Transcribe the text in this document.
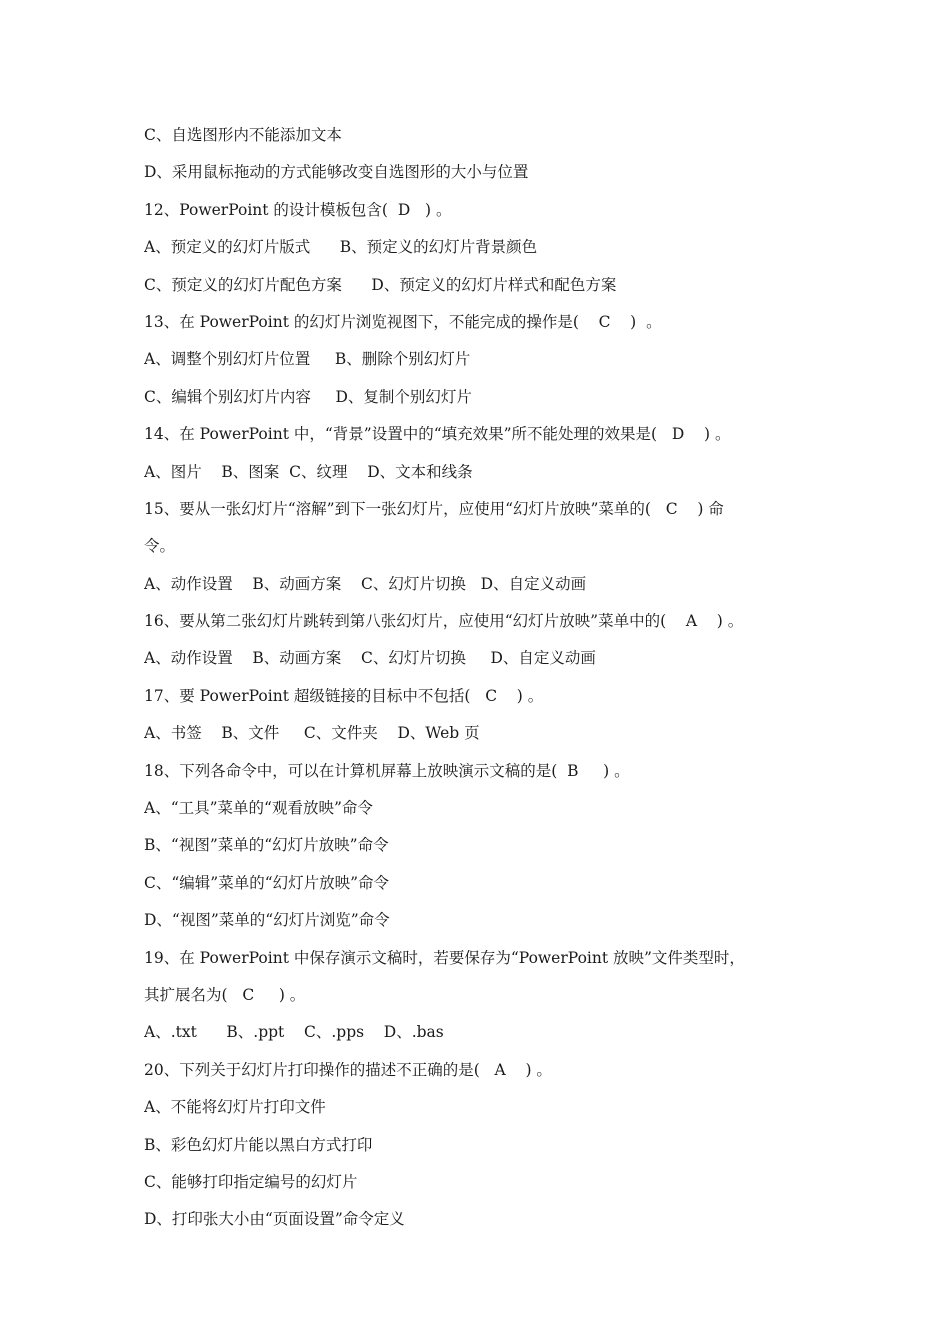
C、自选图形内不能添加文本
D、采用鼠标拖动的方式能够改变自选图形的大小与位置
12、PowerPoint 的设计模板包含(  D   ) 。
A、预定义的幻灯片版式      B、预定义的幻灯片背景颜色
C、预定义的幻灯片配色方案      D、预定义的幻灯片样式和配色方案
13、在 PowerPoint 的幻灯片浏览视图下，不能完成的操作是(    C    )  。
A、调整个别幻灯片位置     B、删除个别幻灯片
C、编辑个别幻灯片内容     D、复制个别幻灯片
14、在 PowerPoint 中，“背景”设置中的“填充效果”所不能处理的效果是(   D    ) 。
A、图片    B、图案  C、纹理    D、文本和线条
15、要从一张幻灯片“溶解”到下一张幻灯片，应使用“幻灯片放映”菜单的(   C    ) 命
令。
A、动作设置    B、动画方案    C、幻灯片切换   D、自定义动画
16、要从第二张幻灯片跳转到第八张幻灯片，应使用“幻灯片放映”菜单中的(    A    ) 。
A、动作设置    B、动画方案    C、幻灯片切换     D、自定义动画
17、要 PowerPoint 超级链接的目标中不包括(   C    ) 。
A、书签    B、文件     C、文件夹    D、Web 页
18、下列各命令中，可以在计算机屏幕上放映演示文稿的是(  B     ) 。
A、“工具”菜单的“观看放映”命令
B、“视图”菜单的“幻灯片放映”命令
C、“编辑”菜单的“幻灯片放映”命令
D、“视图”菜单的“幻灯片浏览”命令
19、在 PowerPoint 中保存演示文稿时，若要保存为“PowerPoint 放映”文件类型时，
其扩展名为(   C     ) 。
A、.txt      B、.ppt    C、.pps    D、.bas
20、下列关于幻灯片打印操作的描述不正确的是(   A    ) 。
A、不能将幻灯片打印文件
B、彩色幻灯片能以黑白方式打印
C、能够打印指定编号的幻灯片
D、打印张大小由“页面设置”命令定义
